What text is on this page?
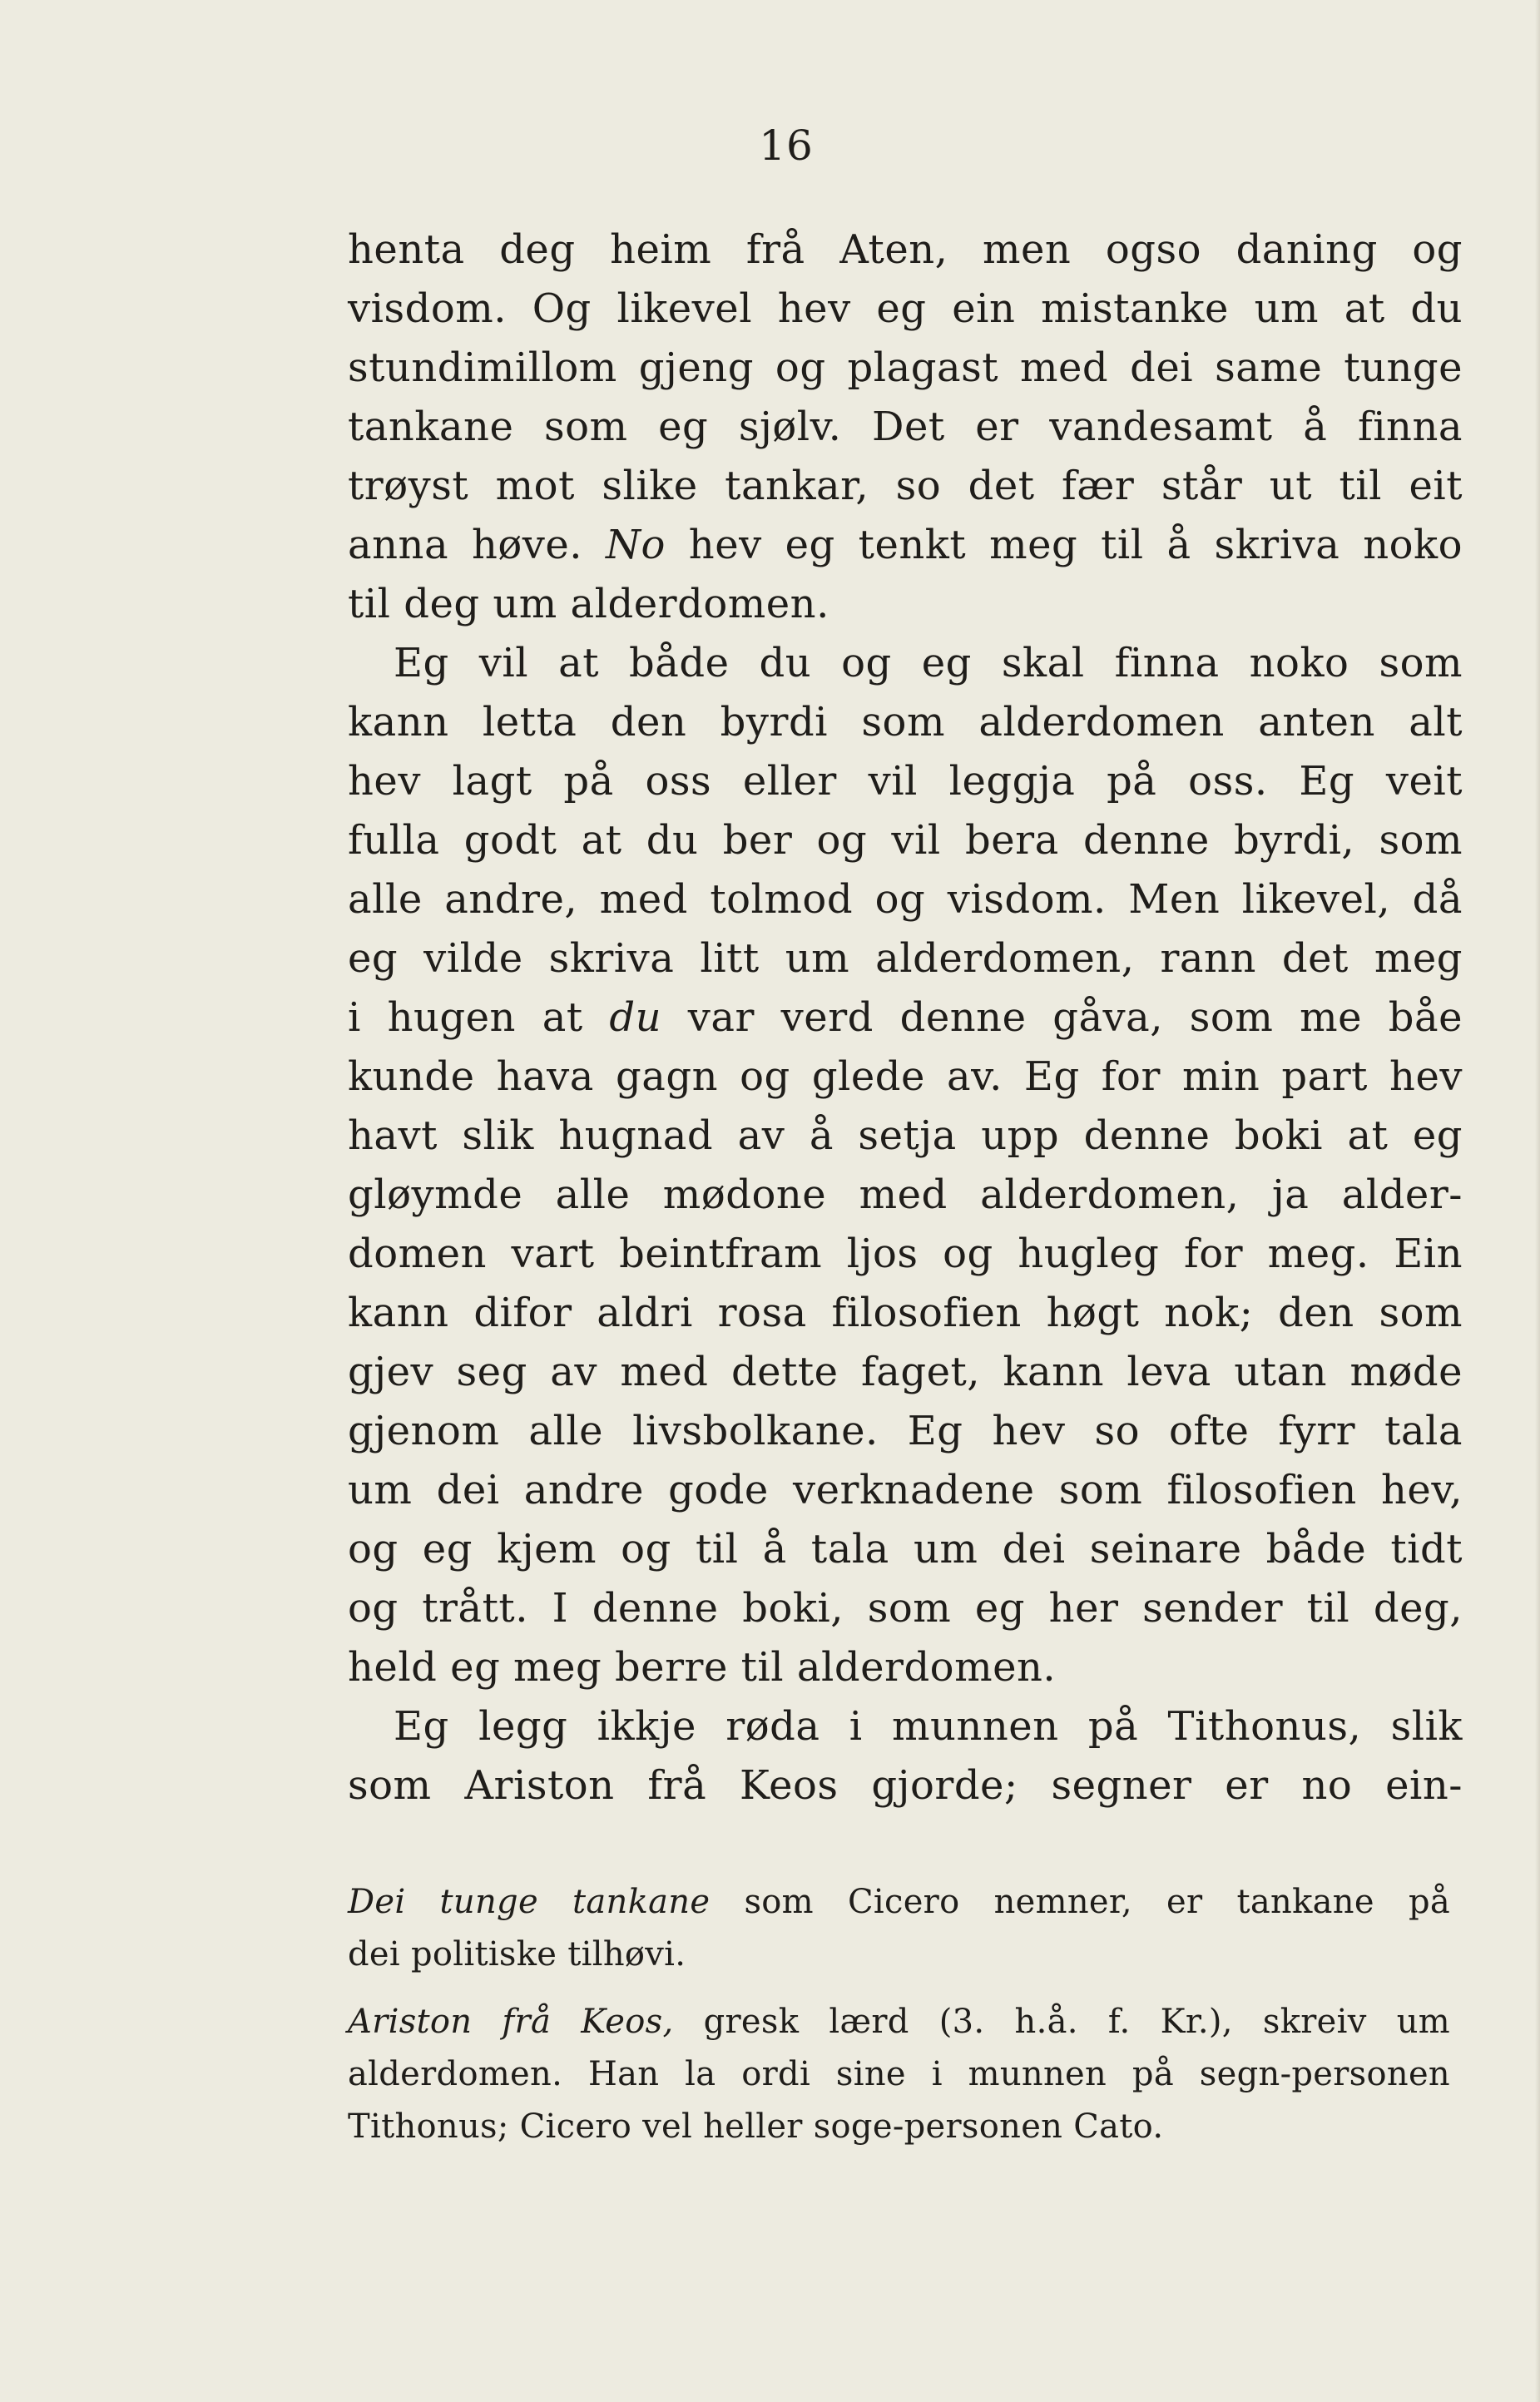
16
henta deg heim frå Aten, men ogso daning og
visdom. Og likevel hev eg ein mistanke um at du
stundimillom gjeng og plagast med dei same tunge
tankane som eg sjølv. Det er vandesamt å finna
trøyst mot slike tankar, so det fær står ut til eit
anna høve. No hev eg tenkt meg til å skriva noko
til deg um alderdomen.
Eg vil at både du og eg skal finna noko som
kann letta den byrdi som alderdomen anten alt
hev lagt på oss eller vil leggja på oss. Eg veit
fulla godt at du ber og vil bera denne byrdi, som
alle andre, med tolmod og visdom. Men likevel, då
eg vilde skriva litt um alderdomen, rann det meg
i hugen at du var verd denne gåva, som me båe
kunde hava gagn og glede av. Eg for min part hev
havt slik hugnad av å setja upp denne boki at eg
gløymde alle mødone med alderdomen, ja alder-
domen vart beintfram ljos og hugleg for meg. Ein
kann difor aldri rosa filosofien høgt nok; den som
gjev seg av med dette faget, kann leva utan møde
gjenom alle livsbolkane. Eg hev so ofte fyrr tala
um dei andre gode verknadene som filosofien hev,
og eg kjem og til å tala um dei seinare både tidt
og trått. I denne boki, som eg her sender til deg,
held eg meg berre til alderdomen.
Eg legg ikkje røda i munnen på Tithonus, slik
som Ariston frå Keos gjorde; segner er no ein-
Dei tunge tankane som Cicero nemner, er tankane på
dei politiske tilhøvi.
Ariston frå Keos, gresk lærd (3. h.å. f. Kr.), skreiv um
alderdomen. Han la ordi sine i munnen på segn-personen
Tithonus; Cicero vel heller soge-personen Cato.
